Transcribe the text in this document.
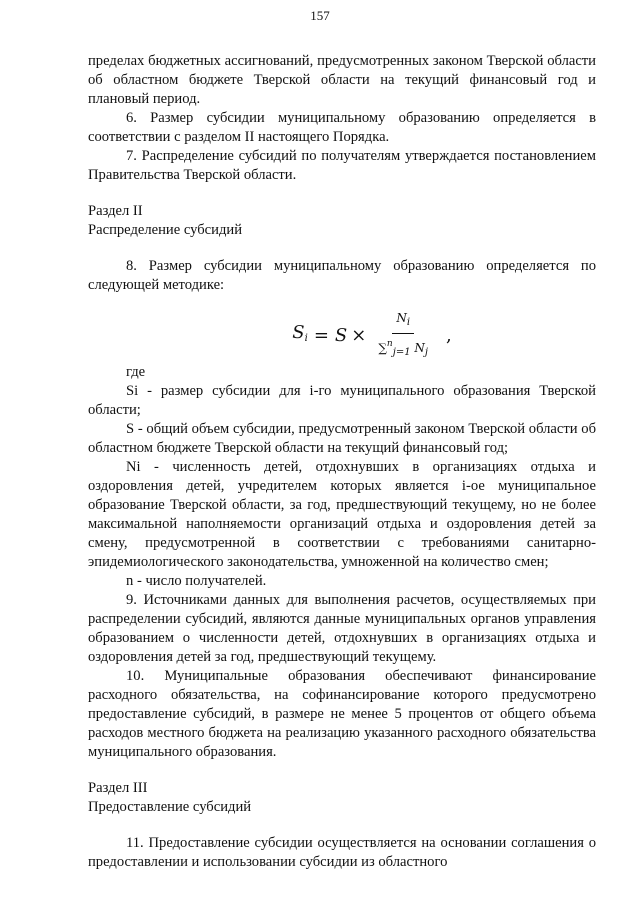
157

пределах бюджетных ассигнований, предусмотренных законом Тверской области об областном бюджете Тверской области на текущий финансовый год и плановый период.

6. Размер субсидии муниципальному образованию определяется в соответствии с разделом II настоящего Порядка.

7. Распределение субсидий по получателям утверждается постановлением Правительства Тверской области.

Раздел II

Распределение субсидий

8. Размер субсидии муниципальному образованию определяется по следующей методике:

$S_i = S \times \frac{N_i}{\sum^n_{j=1} N_j}$ ,

где

Si - размер субсидии для i-го муниципального образования Тверской области;

S - общий объем субсидии, предусмотренный законом Тверской области об областном бюджете Тверской области на текущий финансовый год;

Ni - численность детей, отдохнувших в организациях отдыха и оздоровления детей, учредителем которых является i-ое муниципальное образование Тверской области, за год, предшествующий текущему, но не более максимальной наполняемости организаций отдыха и оздоровления детей за смену, предусмотренной в соответствии с требованиями санитарно-эпидемиологического законодательства, умноженной на количество смен;

n - число получателей.

9. Источниками данных для выполнения расчетов, осуществляемых при распределении субсидий, являются данные муниципальных органов управления образованием о численности детей, отдохнувших в организациях отдыха и оздоровления детей за год, предшествующий текущему.

10. Муниципальные образования обеспечивают финансирование расходного обязательства, на софинансирование которого предусмотрено предоставление субсидий, в размере не менее 5 процентов от общего объема расходов местного бюджета на реализацию указанного расходного обязательства муниципального образования.

Раздел III

Предоставление субсидий

11. Предоставление субсидии осуществляется на основании соглашения о предоставлении и использовании субсидии из областного
